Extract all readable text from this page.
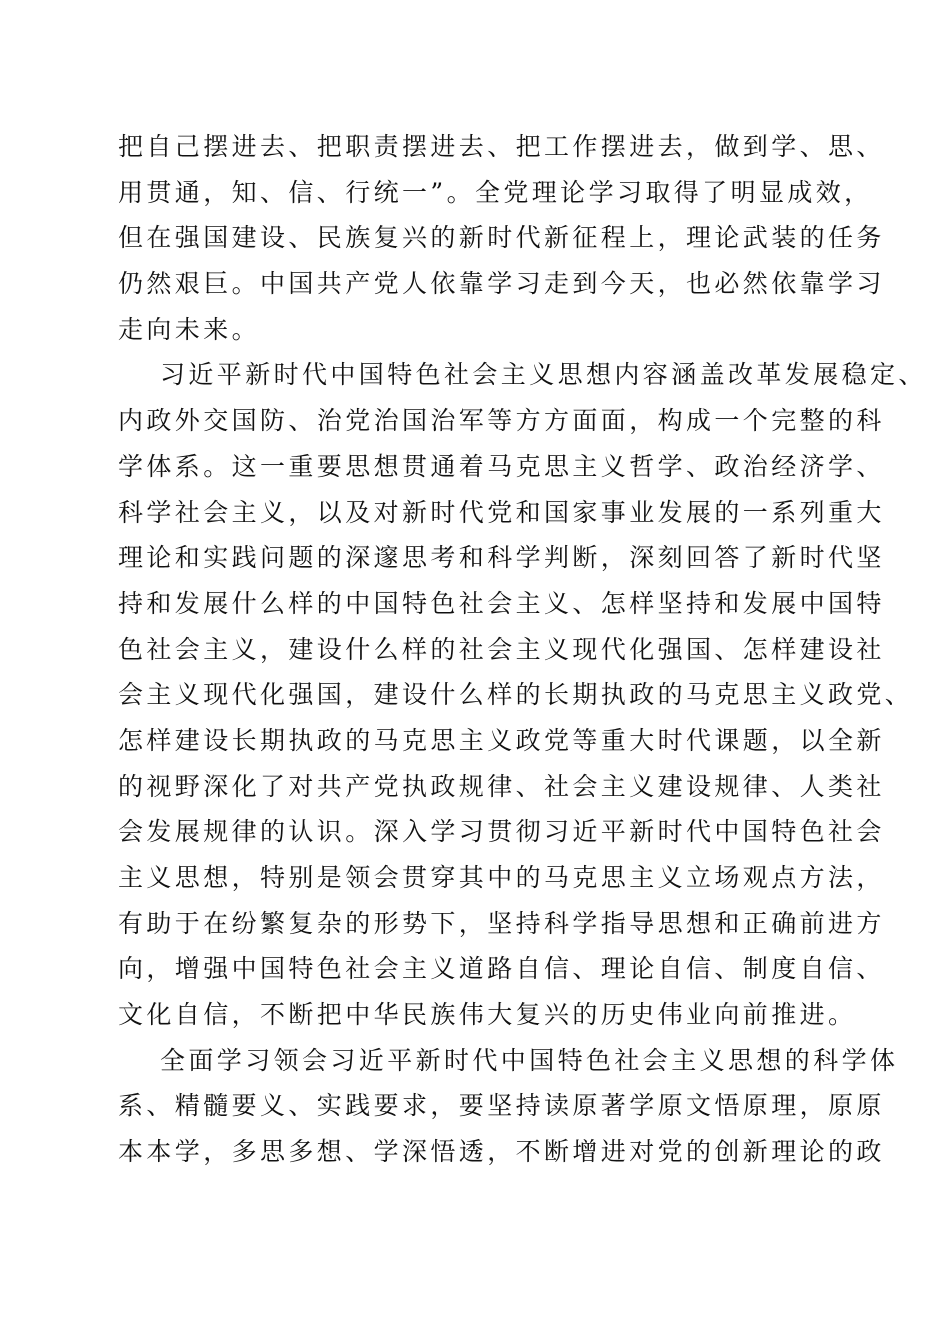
把自己摆进去、把职责摆进去、把工作摆进去，做到学、思、
用贯通，知、信、行统一”。全党理论学习取得了明显成效，
但在强国建设、民族复兴的新时代新征程上，理论武装的任务
仍然艰巨。中国共产党人依靠学习走到今天，也必然依靠学习
走向未来。
习近平新时代中国特色社会主义思想内容涵盖改革发展稳定、
内政外交国防、治党治国治军等方方面面，构成一个完整的科
学体系。这一重要思想贯通着马克思主义哲学、政治经济学、
科学社会主义，以及对新时代党和国家事业发展的一系列重大
理论和实践问题的深邃思考和科学判断，深刻回答了新时代坚
持和发展什么样的中国特色社会主义、怎样坚持和发展中国特
色社会主义，建设什么样的社会主义现代化强国、怎样建设社
会主义现代化强国，建设什么样的长期执政的马克思主义政党、
怎样建设长期执政的马克思主义政党等重大时代课题，以全新
的视野深化了对共产党执政规律、社会主义建设规律、人类社
会发展规律的认识。深入学习贯彻习近平新时代中国特色社会
主义思想，特别是领会贯穿其中的马克思主义立场观点方法，
有助于在纷繁复杂的形势下，坚持科学指导思想和正确前进方
向，增强中国特色社会主义道路自信、理论自信、制度自信、
文化自信，不断把中华民族伟大复兴的历史伟业向前推进。
全面学习领会习近平新时代中国特色社会主义思想的科学体
系、精髓要义、实践要求，要坚持读原著学原文悟原理，原原
本本学，多思多想、学深悟透，不断增进对党的创新理论的政
